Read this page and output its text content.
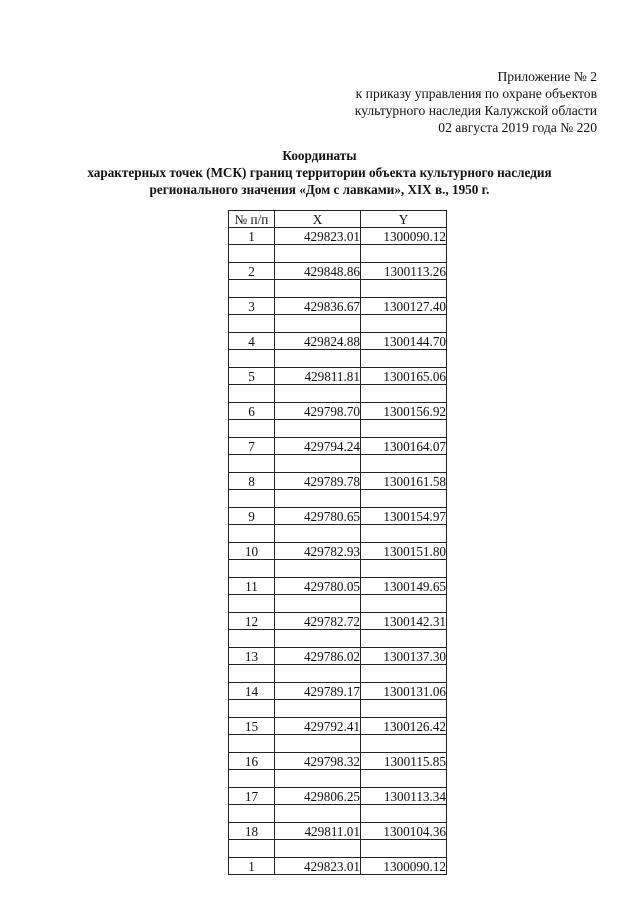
Приложение № 2
к приказу управления по охране объектов
культурного наследия Калужской области
02 августа 2019 года № 220
Координаты
характерных точек (МСК) границ территории объекта культурного наследия
регионального значения «Дом с лавками», XIX в., 1950 г.
№ п/п	X	Y
1	429823.01	1300090.12

2	429848.86	1300113.26

3	429836.67	1300127.40

4	429824.88	1300144.70

5	429811.81	1300165.06

6	429798.70	1300156.92

7	429794.24	1300164.07

8	429789.78	1300161.58

9	429780.65	1300154.97

10	429782.93	1300151.80

11	429780.05	1300149.65

12	429782.72	1300142.31

13	429786.02	1300137.30

14	429789.17	1300131.06

15	429792.41	1300126.42

16	429798.32	1300115.85

17	429806.25	1300113.34

18	429811.01	1300104.36

1	429823.01	1300090.12
